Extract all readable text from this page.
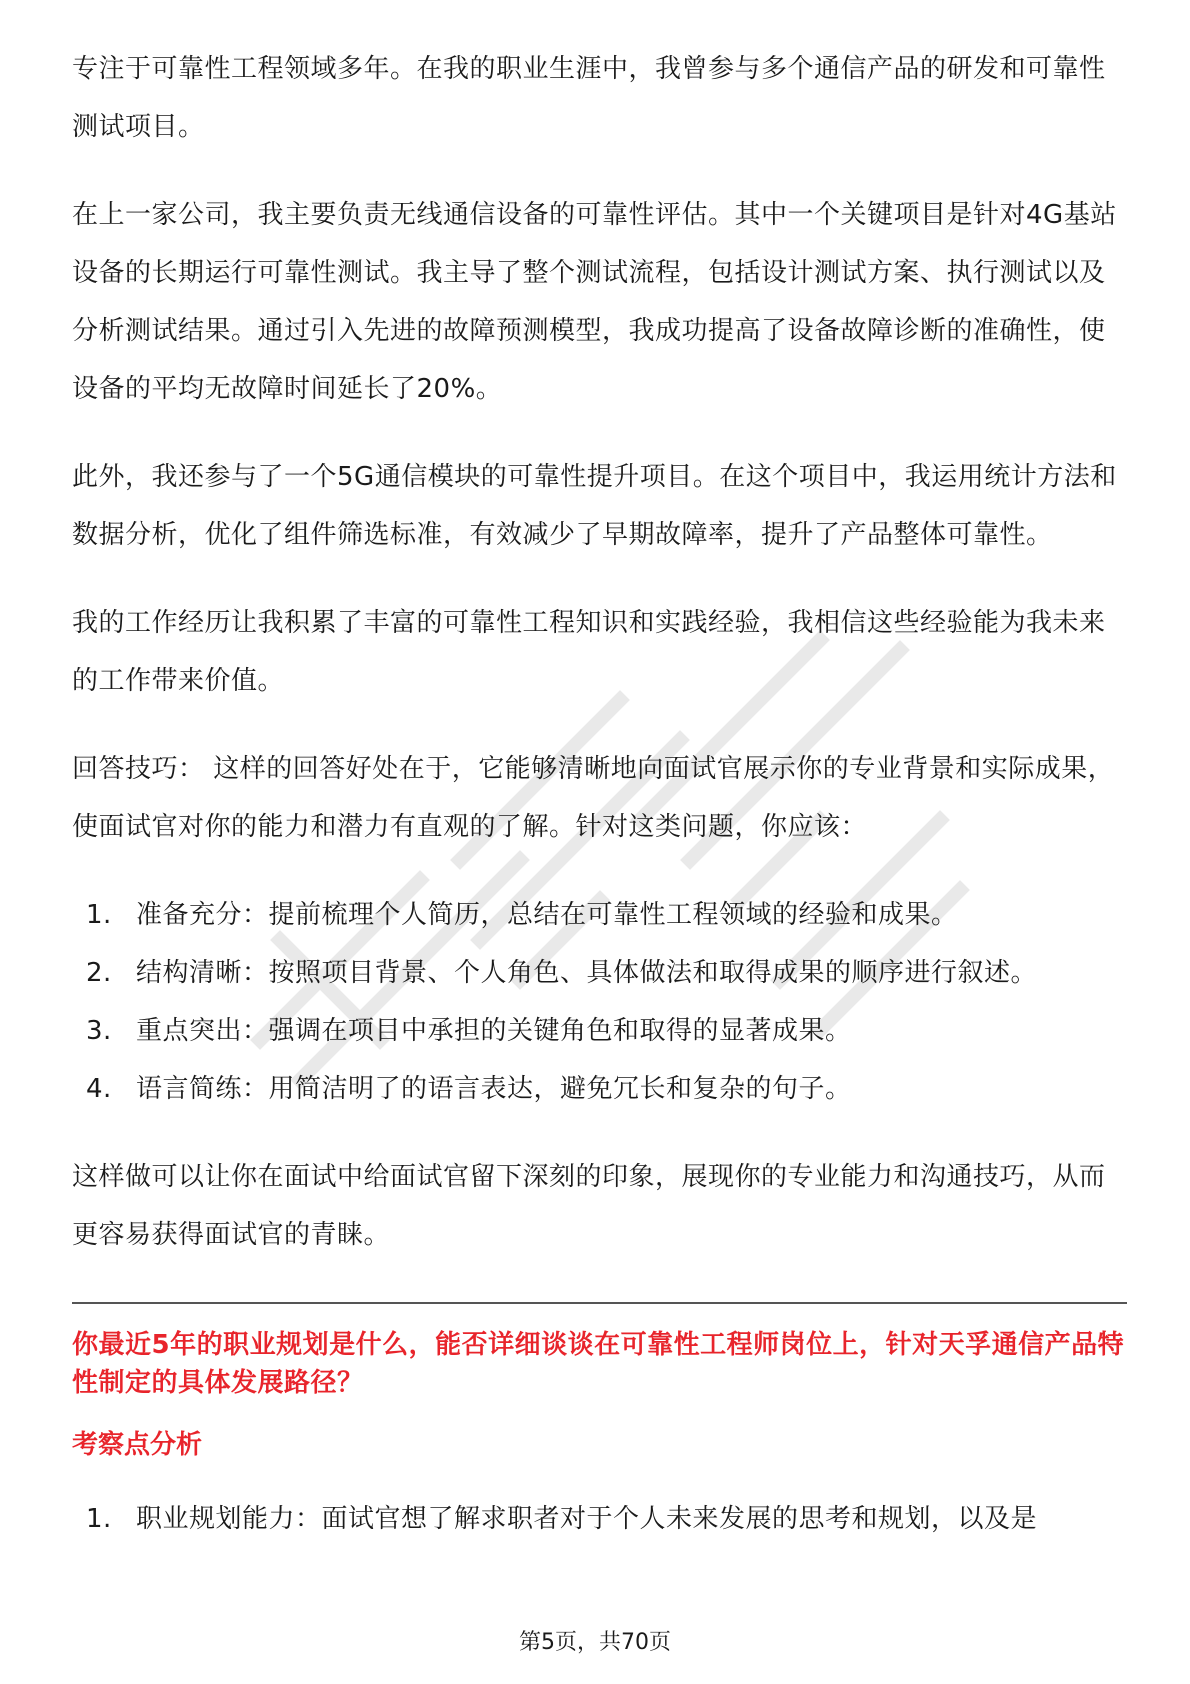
专注于可靠性工程领域多年。在我的职业生涯中，我曾参与多个通信产品的研发和可靠性测试项目。

在上一家公司，我主要负责无线通信设备的可靠性评估。其中一个关键项目是针对4G基站设备的长期运行可靠性测试。我主导了整个测试流程，包括设计测试方案、执行测试以及分析测试结果。通过引入先进的故障预测模型，我成功提高了设备故障诊断的准确性，使设备的平均无故障时间延长了20%。

此外，我还参与了一个5G通信模块的可靠性提升项目。在这个项目中，我运用统计方法和数据分析，优化了组件筛选标准，有效减少了早期故障率，提升了产品整体可靠性。

我的工作经历让我积累了丰富的可靠性工程知识和实践经验，我相信这些经验能为我未来的工作带来价值。

回答技巧： 这样的回答好处在于，它能够清晰地向面试官展示你的专业背景和实际成果，使面试官对你的能力和潜力有直观的了解。针对这类问题，你应该：

1. 准备充分：提前梳理个人简历，总结在可靠性工程领域的经验和成果。
2. 结构清晰：按照项目背景、个人角色、具体做法和取得成果的顺序进行叙述。
3. 重点突出：强调在项目中承担的关键角色和取得的显著成果。
4. 语言简练：用简洁明了的语言表达，避免冗长和复杂的句子。

这样做可以让你在面试中给面试官留下深刻的印象，展现你的专业能力和沟通技巧，从而更容易获得面试官的青睐。

你最近5年的职业规划是什么，能否详细谈谈在可靠性工程师岗位上，针对天孚通信产品特性制定的具体发展路径？

考察点分析

1. 职业规划能力：面试官想了解求职者对于个人未来发展的思考和规划，以及是
第5页，共70页
